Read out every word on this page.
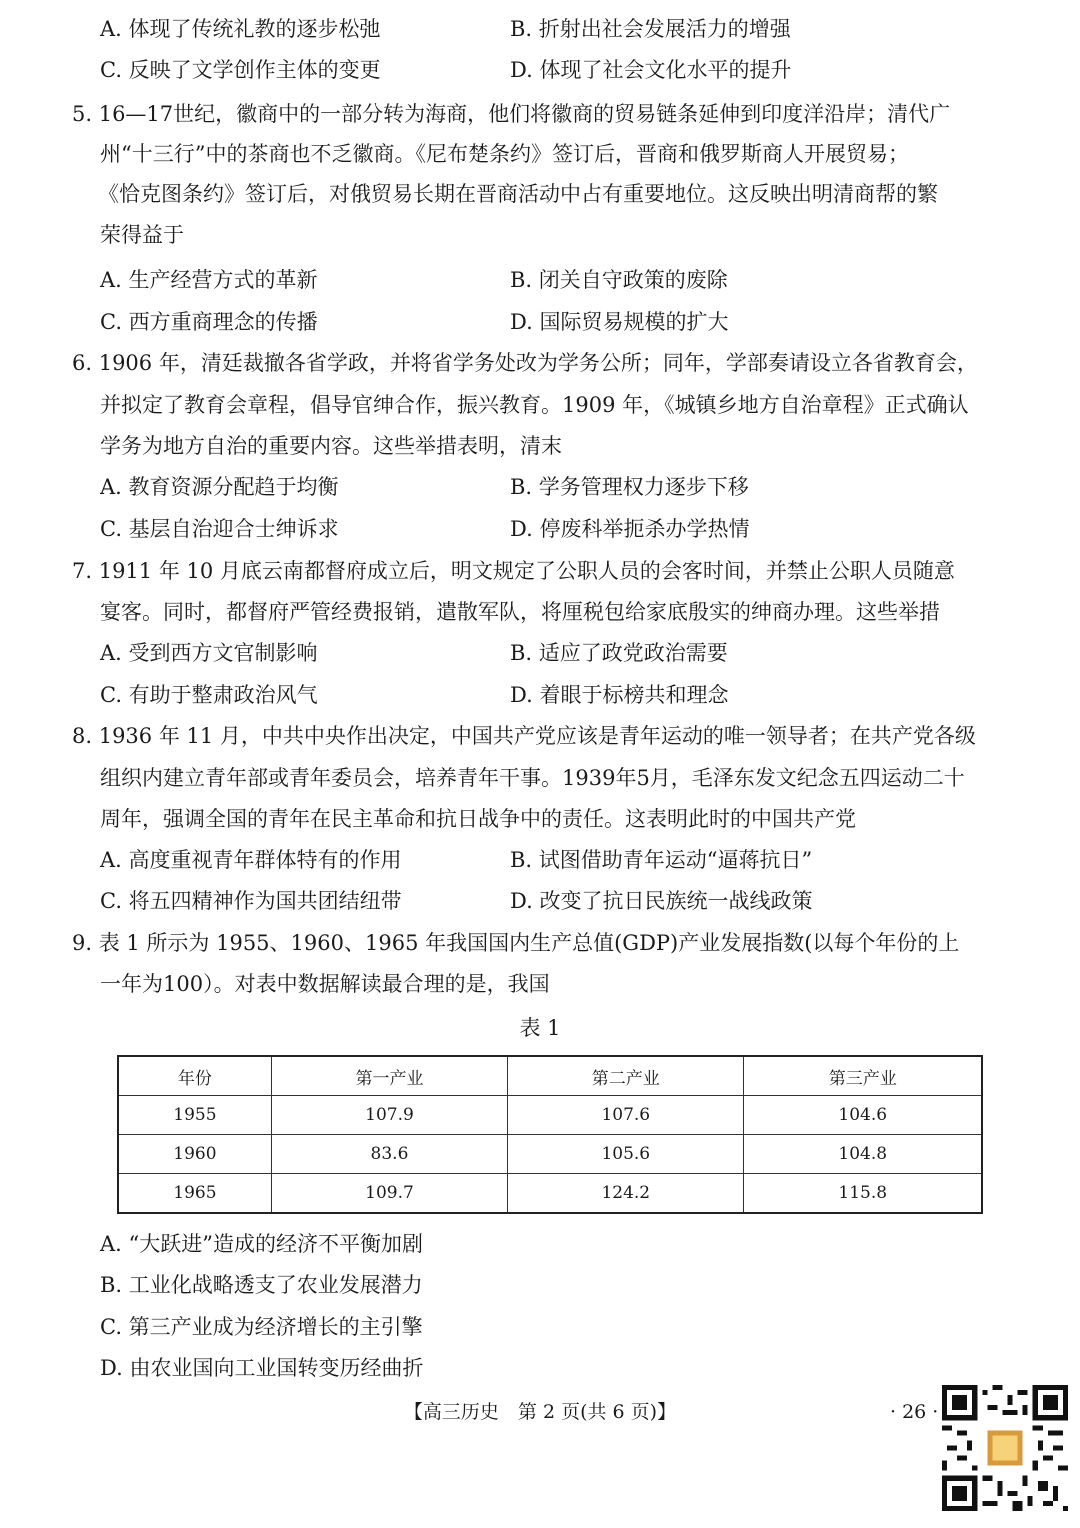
A. 体现了传统礼教的逐步松弛	B. 折射出社会发展活力的增强
C. 反映了文学创作主体的变更	D. 体现了社会文化水平的提升
5. 16—17世纪，徽商中的一部分转为海商，他们将徽商的贸易链条延伸到印度洋沿岸；清代广
州“十三行”中的茶商也不乏徽商。《尼布楚条约》签订后，晋商和俄罗斯商人开展贸易；
《恰克图条约》签订后，对俄贸易长期在晋商活动中占有重要地位。这反映出明清商帮的繁
荣得益于
A. 生产经营方式的革新	B. 闭关自守政策的废除
C. 西方重商理念的传播	D. 国际贸易规模的扩大
6. 1906 年，清廷裁撤各省学政，并将省学务处改为学务公所；同年，学部奏请设立各省教育会，
并拟定了教育会章程，倡导官绅合作，振兴教育。1909 年，《城镇乡地方自治章程》正式确认
学务为地方自治的重要内容。这些举措表明，清末
A. 教育资源分配趋于均衡	B. 学务管理权力逐步下移
C. 基层自治迎合士绅诉求	D. 停废科举扼杀办学热情
7. 1911 年 10 月底云南都督府成立后，明文规定了公职人员的会客时间，并禁止公职人员随意
宴客。同时，都督府严管经费报销，遣散军队，将厘税包给家底殷实的绅商办理。这些举措
A. 受到西方文官制影响	B. 适应了政党政治需要
C. 有助于整肃政治风气	D. 着眼于标榜共和理念
8. 1936 年 11 月，中共中央作出决定，中国共产党应该是青年运动的唯一领导者；在共产党各级
组织内建立青年部或青年委员会，培养青年干事。1939年5月，毛泽东发文纪念五四运动二十
周年，强调全国的青年在民主革命和抗日战争中的责任。这表明此时的中国共产党
A. 高度重视青年群体特有的作用	B. 试图借助青年运动“逼蒋抗日”
C. 将五四精神作为国共团结纽带	D. 改变了抗日民族统一战线政策
9. 表 1 所示为 1955、1960、1965 年我国国内生产总值(GDP)产业发展指数(以每个年份的上
一年为100）。对表中数据解读最合理的是，我国
表 1
年份	第一产业	第二产业	第三产业
1955	107.9	107.6	104.6
1960	83.6	105.6	104.8
1965	109.7	124.2	115.8
A. “大跃进”造成的经济不平衡加剧
B. 工业化战略透支了农业发展潜力
C. 第三产业成为经济增长的主引擎
D. 由农业国向工业国转变历经曲折
【高三历史　第 2 页(共 6 页)】	· 26 ·
